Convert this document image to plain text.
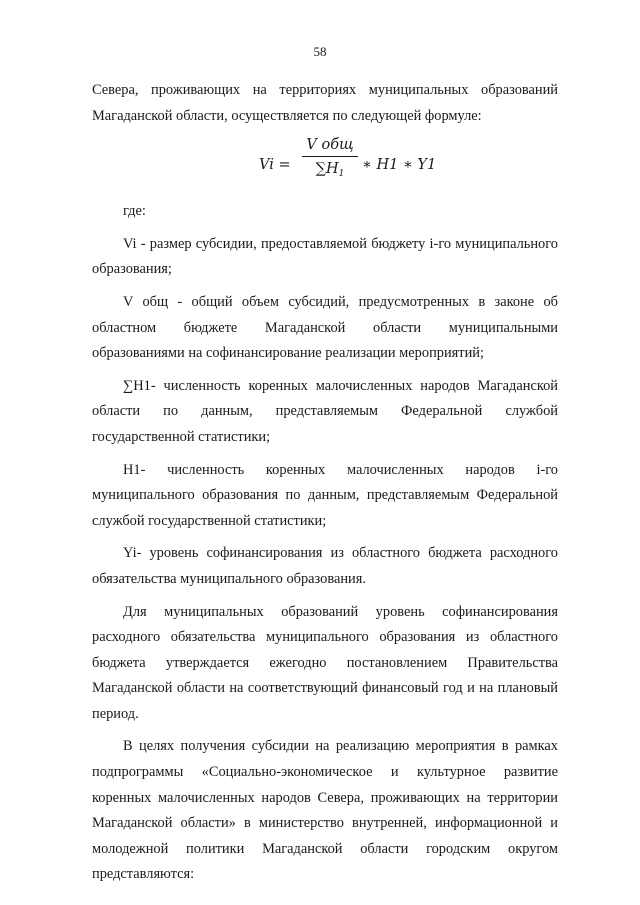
58

Севера, проживающих на территориях муниципальных образований Магаданской области, осуществляется по следующей формуле:

Vi =
V общ
$\sum H_1$
∗ H1 ∗ Y1

где:

Vi - размер субсидии, предоставляемой бюджету i-го муниципального образования;

V общ - общий объем субсидий, предусмотренных в законе об областном бюджете Магаданской области муниципальными образованиями на софинансирование реализации мероприятий;

∑H1- численность коренных малочисленных народов Магаданской области по данным, представляемым Федеральной службой государственной статистики;

H1- численность коренных малочисленных народов i-го муниципального образования по данным, представляемым Федеральной службой государственной статистики;

Yi- уровень софинансирования из областного бюджета расходного обязательства муниципального образования.

Для муниципальных образований уровень софинансирования расходного обязательства муниципального образования из областного бюджета утверждается ежегодно постановлением Правительства Магаданской области на соответствующий финансовый год и на плановый период.

В целях получения субсидии на реализацию мероприятия в рамках подпрограммы «Социально-экономическое и культурное развитие коренных малочисленных народов Севера, проживающих на территории Магаданской области» в министерство внутренней, информационной и молодежной политики Магаданской области городским округом представляются:
